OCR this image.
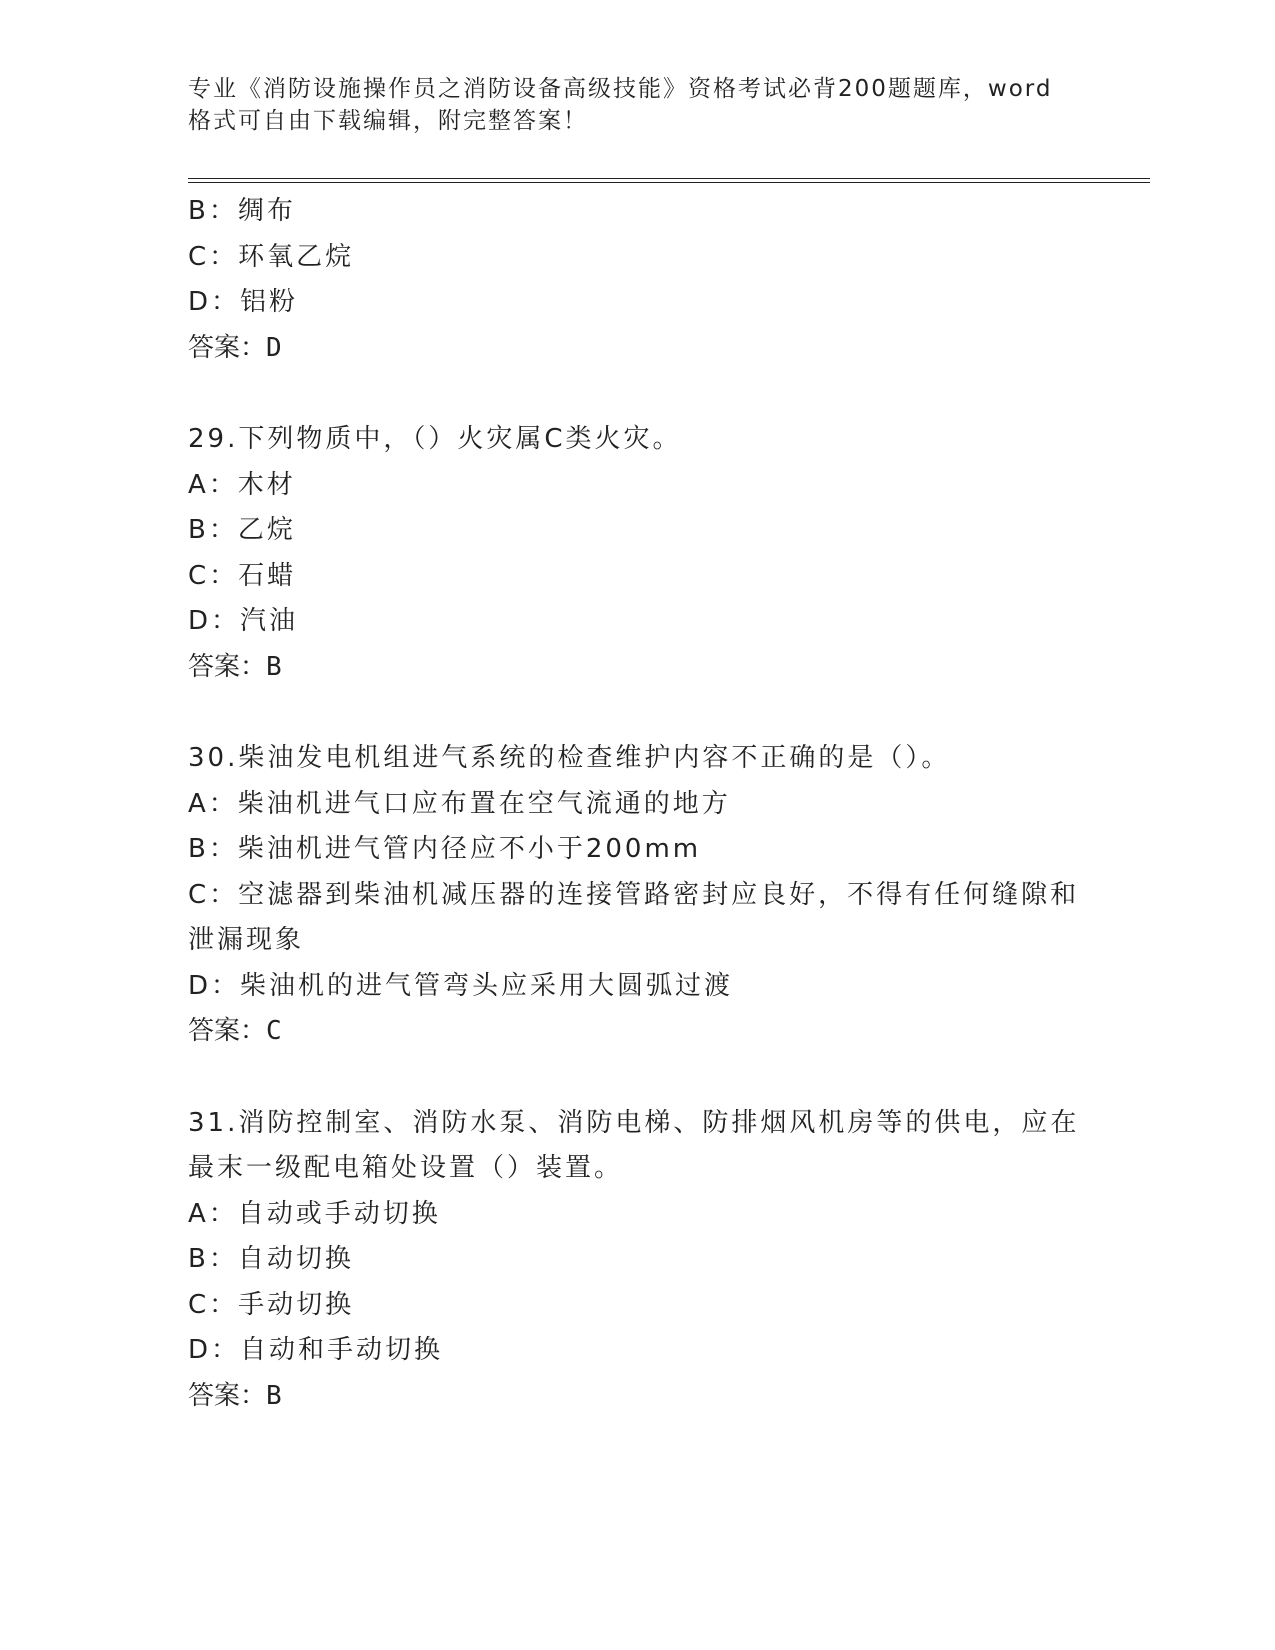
专业《消防设施操作员之消防设备高级技能》资格考试必背200题题库，word格式可自由下载编辑，附完整答案！
B：绸布
C：环氧乙烷
D：铝粉
答案：D
29.下列物质中，（）火灾属C类火灾。
A：木材
B：乙烷
C：石蜡
D：汽油
答案：B
30.柴油发电机组进气系统的检查维护内容不正确的是（）。
A：柴油机进气口应布置在空气流通的地方
B：柴油机进气管内径应不小于200mm
C：空滤器到柴油机减压器的连接管路密封应良好，不得有任何缝隙和泄漏现象
D：柴油机的进气管弯头应采用大圆弧过渡
答案：C
31.消防控制室、消防水泵、消防电梯、防排烟风机房等的供电，应在最末一级配电箱处设置（）装置。
A：自动或手动切换
B：自动切换
C：手动切换
D：自动和手动切换
答案：B
